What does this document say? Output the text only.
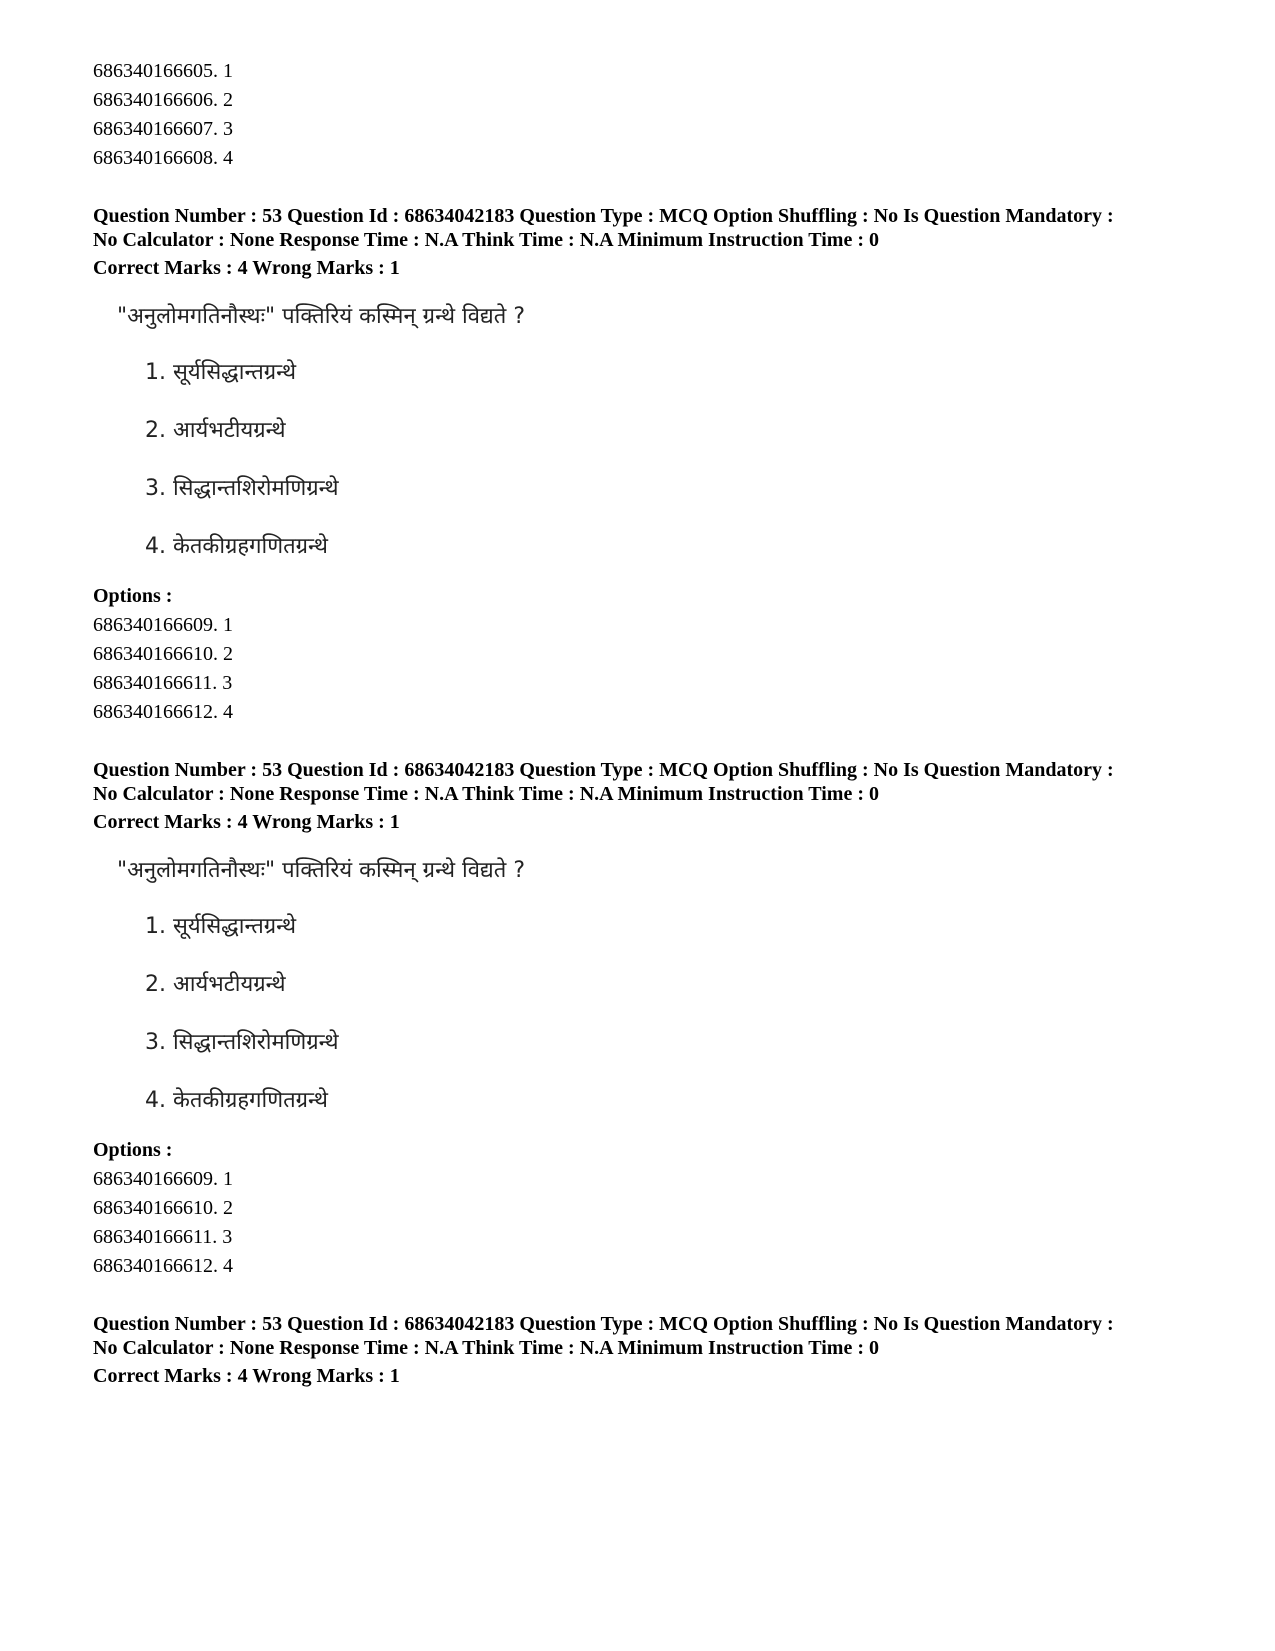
686340166605. 1
686340166606. 2
686340166607. 3
686340166608. 4
Question Number : 53 Question Id : 68634042183 Question Type : MCQ Option Shuffling : No Is Question Mandatory :
No Calculator : None Response Time : N.A Think Time : N.A Minimum Instruction Time : 0
Correct Marks : 4 Wrong Marks : 1
"अनुलोमगतिनौस्थः" पक्तिरियं कस्मिन् ग्रन्थे विद्यते ?
1. सूर्यसिद्धान्तग्रन्थे
2. आर्यभटीयग्रन्थे
3. सिद्धान्तशिरोमणिग्रन्थे
4. केतकीग्रहगणितग्रन्थे
Options :
686340166609. 1
686340166610. 2
686340166611. 3
686340166612. 4
Question Number : 53 Question Id : 68634042183 Question Type : MCQ Option Shuffling : No Is Question Mandatory :
No Calculator : None Response Time : N.A Think Time : N.A Minimum Instruction Time : 0
Correct Marks : 4 Wrong Marks : 1
"अनुलोमगतिनौस्थः" पक्तिरियं कस्मिन् ग्रन्थे विद्यते ?
1. सूर्यसिद्धान्तग्रन्थे
2. आर्यभटीयग्रन्थे
3. सिद्धान्तशिरोमणिग्रन्थे
4. केतकीग्रहगणितग्रन्थे
Options :
686340166609. 1
686340166610. 2
686340166611. 3
686340166612. 4
Question Number : 53 Question Id : 68634042183 Question Type : MCQ Option Shuffling : No Is Question Mandatory :
No Calculator : None Response Time : N.A Think Time : N.A Minimum Instruction Time : 0
Correct Marks : 4 Wrong Marks : 1
